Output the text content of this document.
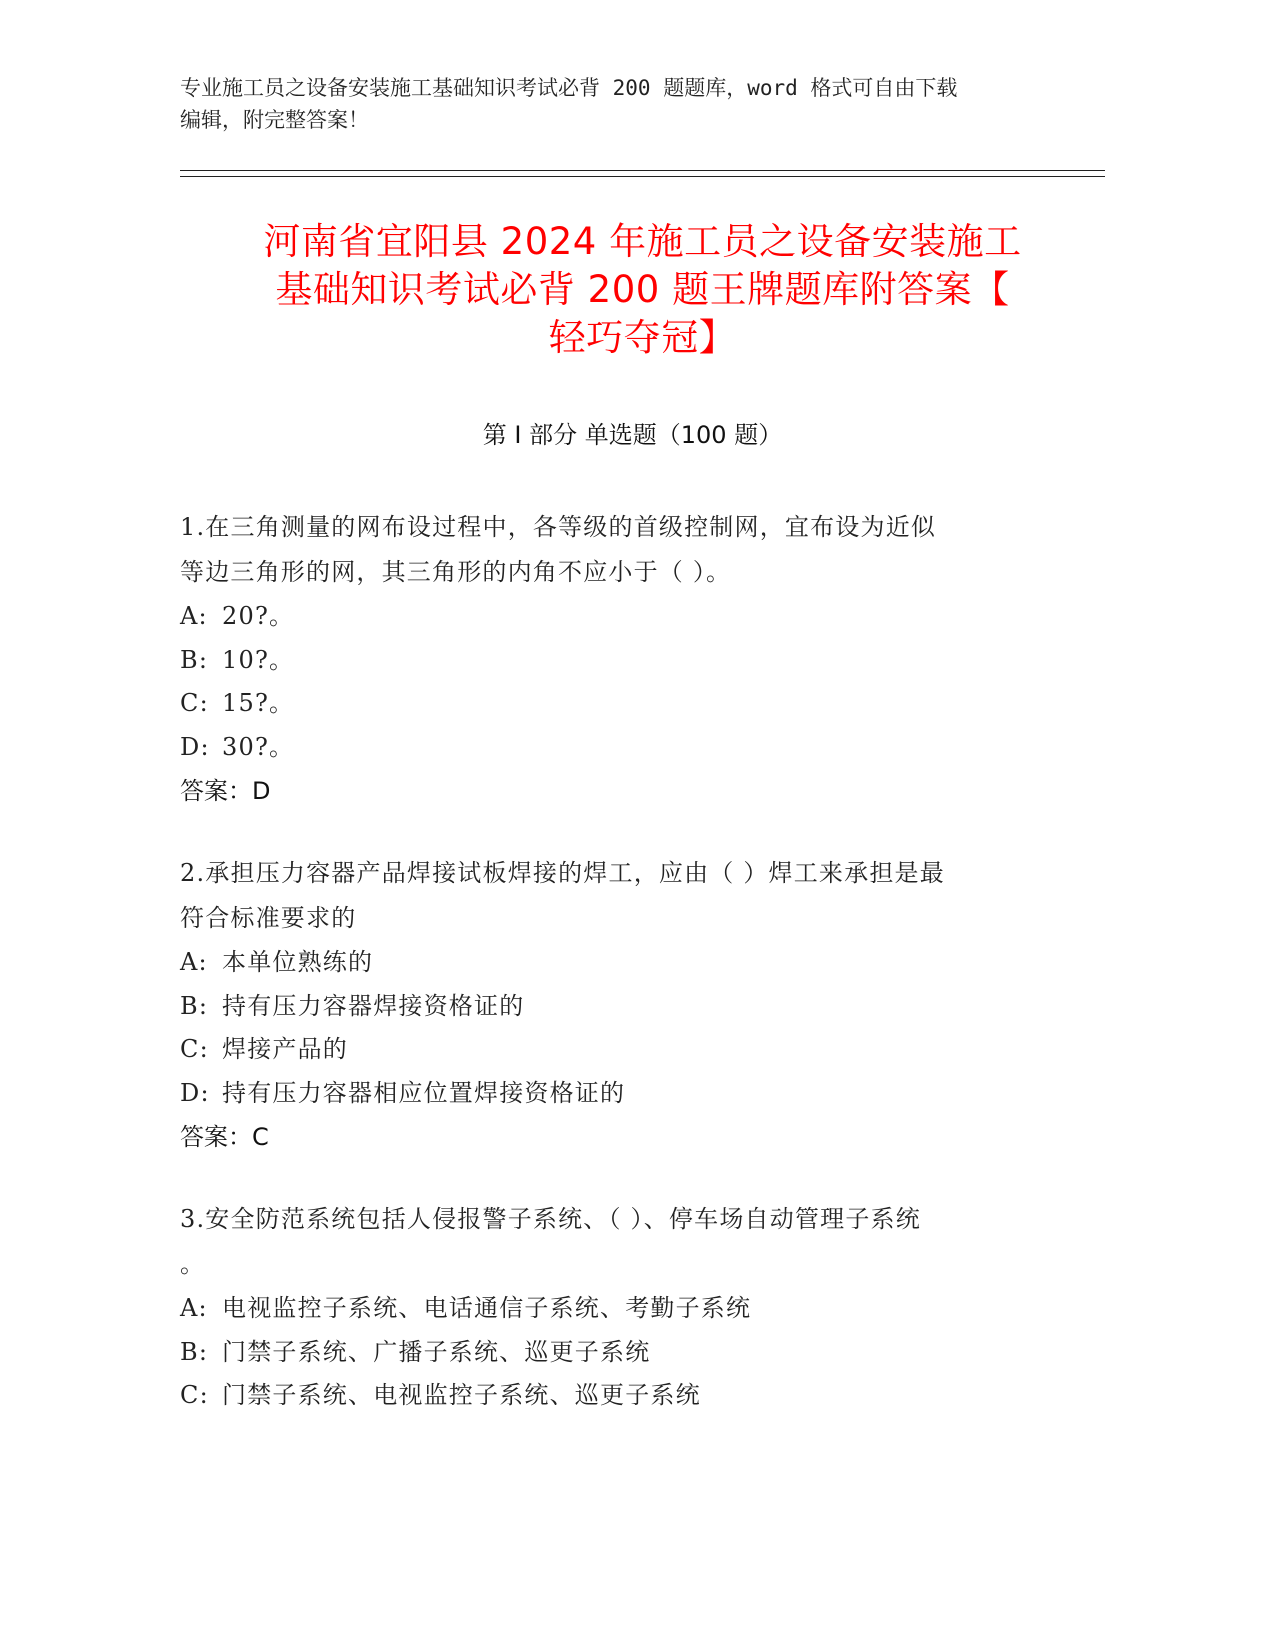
专业施工员之设备安装施工基础知识考试必背 200 题题库，word 格式可自由下载
编辑，附完整答案！
河南省宜阳县 2024 年施工员之设备安装施工
基础知识考试必背 200 题王牌题库附答案【
轻巧夺冠】
第 I 部分 单选题（100 题）

1.在三角测量的网布设过程中，各等级的首级控制网，宜布设为近似

等边三角形的网，其三角形的内角不应小于（ ）。

A: 20?。

B: 10?。

C: 15?。

D: 30?。

答案：D

2.承担压力容器产品焊接试板焊接的焊工，应由（ ）焊工来承担是最

符合标准要求的

A: 本单位熟练的

B: 持有压力容器焊接资格证的

C: 焊接产品的

D: 持有压力容器相应位置焊接资格证的

答案：C

3.安全防范系统包括人侵报警子系统、（ ）、停车场自动管理子系统

。

A: 电视监控子系统、电话通信子系统、考勤子系统

B: 门禁子系统、广播子系统、巡更子系统

C: 门禁子系统、电视监控子系统、巡更子系统
